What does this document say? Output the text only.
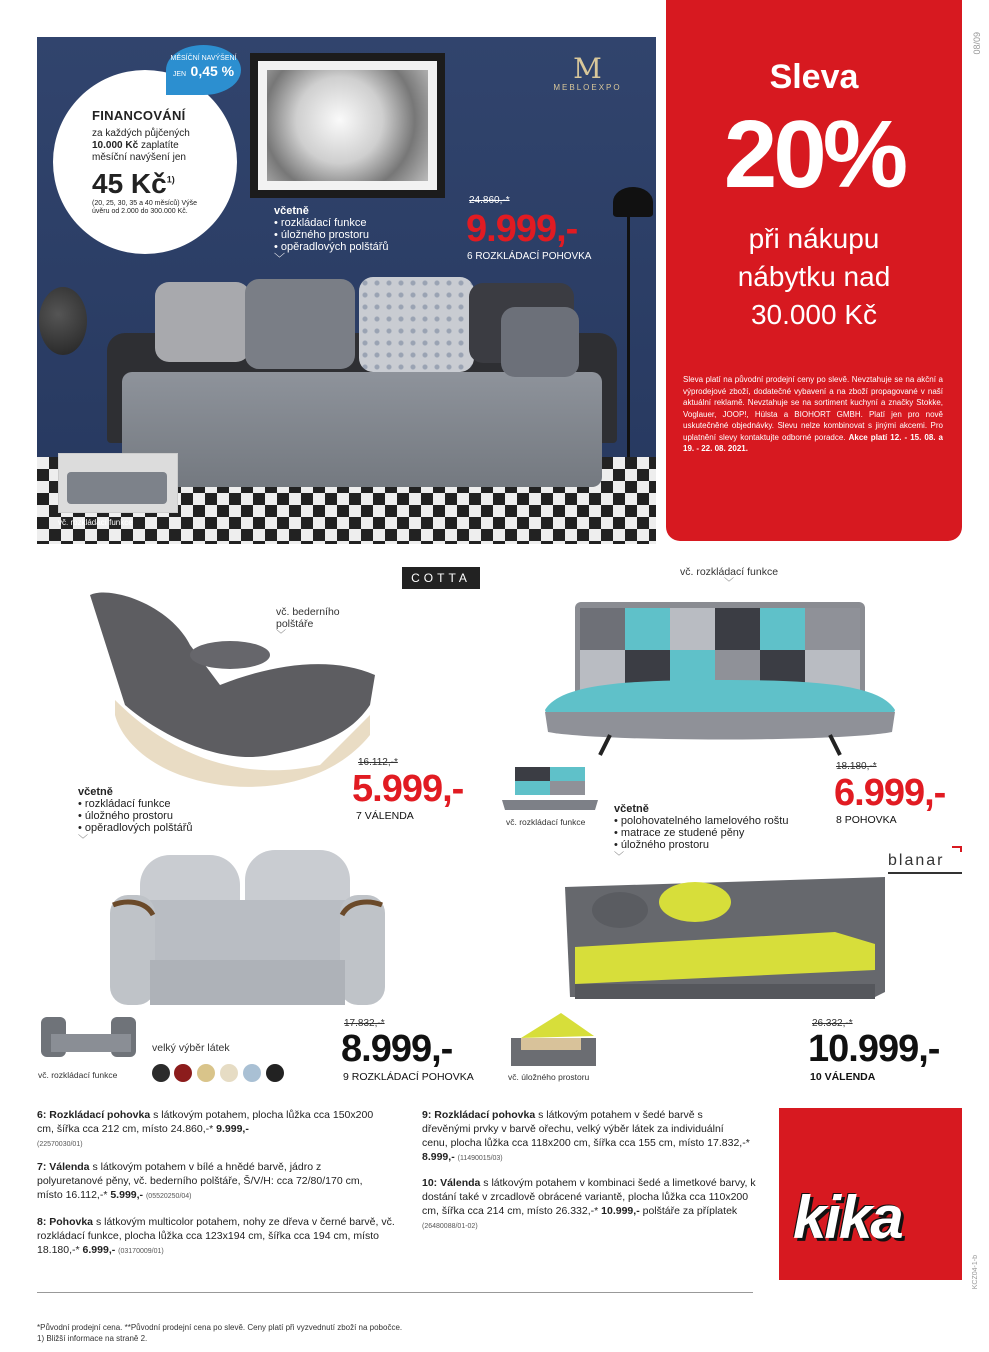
MĚSÍČNÍ NAVÝŠENÍ
JEN 0,45 %
FINANCOVÁNÍ
za každých půjčených
10.000 Kč zaplatíte měsíční navýšení jen
45 $Kč^{1)}$
(20, 25, 30, 35 a 40 měsíců) Výše úvěru od 2.000 do 300.000 Kč.
M
MEBLOEXPO
včetně
• rozkládací funkce
• úložného prostoru
• opěradlových polštářů
﹀
24.860,-*
9.999,-
6 ROZKLÁDACÍ POHOVKA
vč. rozkládací funkce
Sleva
20%
při nákupu
nábytku nad
30.000 Kč
Sleva platí na původní prodejní ceny po slevě. Nevztahuje se na akční a výprodejové zboží, dodatečné vybavení a na zboží propagované v naší aktuální reklamě. Nevztahuje se na sortiment kuchyní a značky Stokke, Voglauer, JOOP!, Hülsta a BIOHORT GMBH. Platí jen pro nově uskutečněné objednávky. Slevu nelze kombinovat s jinými akcemi. Pro uplatnění slevy kontaktujte odborné poradce. Akce platí 12. - 15. 08. a 19. - 22. 08. 2021.
08/09
COTTA
vč. bederního
polštáře
﹀
16.112,-*
5.999,-
7 VÁLENDA
včetně
• rozkládací funkce
• úložného prostoru
• opěradlových polštářů
﹀
vč. rozkládací funkce
﹀
vč. rozkládací funkce
včetně
• polohovatelného lamelového roštu
• matrace ze studené pěny
• úložného prostoru
﹀
18.180,-*
6.999,-
8 POHOVKA
blanar
vč. rozkládací funkce
velký výběr látek
17.832,-*
8.999,-
9 ROZKLÁDACÍ POHOVKA	vč. úložného prostoru
26.332,-*
10.999,-
10 VÁLENDA
6: Rozkládací pohovka s látkovým potahem, plocha lůžka cca 150x200 cm, šířka cca 212 cm, místo 24.860,-* 9.999,-
(22570030/01)
7: Válenda s látkovým potahem v bílé a hnědé barvě, jádro z polyuretanové pěny, vč. bederního polštáře, Š/V/H: cca 72/80/170 cm, místo 16.112,-* 5.999,- (05520250/04)
8: Pohovka s látkovým multicolor potahem, nohy ze dřeva v černé barvě, vč. rozkládací funkce, plocha lůžka cca 123x194 cm, šířka cca 194 cm, místo 18.180,-* 6.999,- (03170009/01)
9: Rozkládací pohovka s látkovým potahem v šedé barvě s dřevěnými prvky v barvě ořechu, velký výběr látek za individuální cenu, plocha lůžka cca 118x200 cm, šířka cca 155 cm, místo 17.832,-* 8.999,- (11490015/03)
10: Válenda s látkovým potahem v kombinaci šedé a limetkové barvy, k dostání také v zrcadlově obrácené variantě, plocha lůžka cca 110x200 cm, šířka cca 214 cm, místo 26.332,-* 10.999,- polštáře za příplatek (26480088/01-02)	kika
*Původní prodejní cena. **Původní prodejní cena po slevě. Ceny platí při vyzvednutí zboží na pobočce.
1) Bližší informace na straně 2.
KCZ04-1-b
